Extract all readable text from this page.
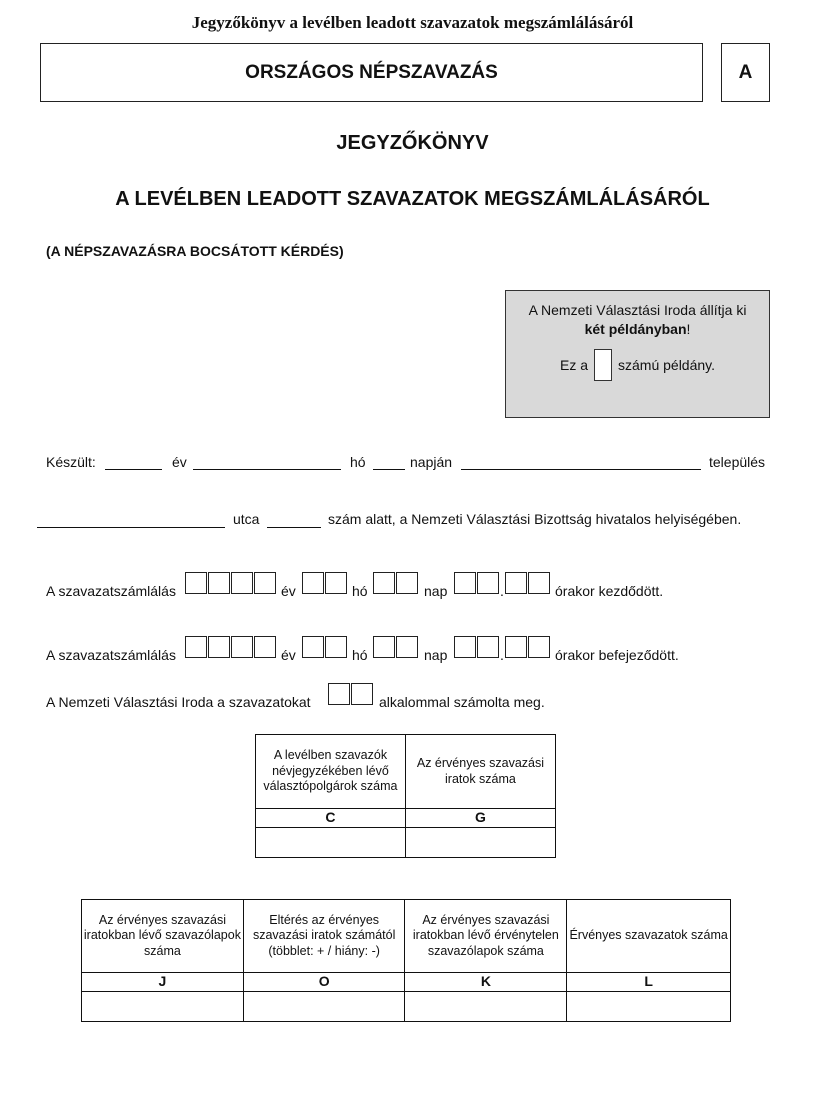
Jegyzőkönyv a levélben leadott szavazatok megszámlálásáról
ORSZÁGOS NÉPSZAVAZÁS	A
JEGYZŐKÖNYV
A LEVÉLBEN LEADOTT SZAVAZATOK MEGSZÁMLÁLÁSÁRÓL
(A NÉPSZAVAZÁSRA BOCSÁTOTT KÉRDÉS)
A Nemzeti Választási Iroda állítja ki
két példányban!
Ez a számú példány.
Készült:	év	hó	napján	település
utca	szám alatt, a Nemzeti Választási Bizottság hivatalos helyiségében.
A szavazatszámlálás	év	hó	nap	.	órakor kezdődött.
A szavazatszámlálás	év	hó	nap	.	órakor befejeződött.
A Nemzeti Választási Iroda a szavazatokat	alkalommal számolta meg.
A levélben szavazók névjegyzékében lévő választópolgárok száma	Az érvényes szavazási iratok száma
C	G

Az érvényes szavazási iratokban lévő szavazólapok száma	Eltérés az érvényes szavazási iratok számától (többlet: + / hiány: -)	Az érvényes szavazási iratokban lévő érvénytelen szavazólapok száma	Érvényes szavazatok száma
J	O	K	L
